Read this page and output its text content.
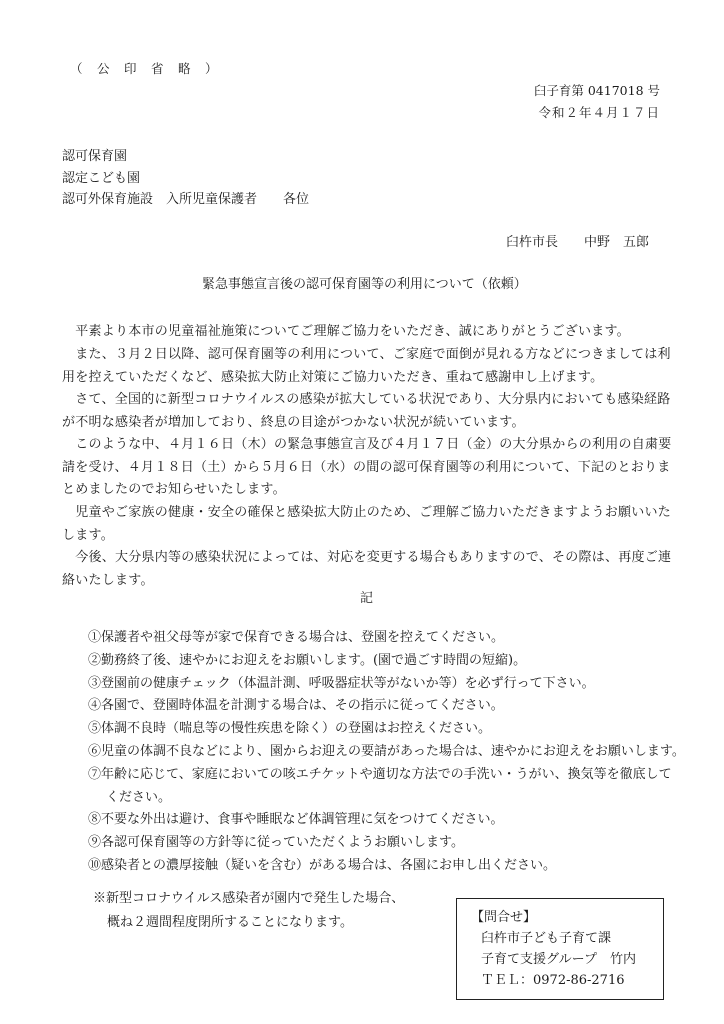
（　公　印　省　略　）
臼子育第 0417018 号
令和２年４月１７日
認可保育園
認定こども園
認可外保育施設　入所児童保護者　　各位
臼杵市長　　中野　五郎
緊急事態宣言後の認可保育園等の利用について（依頼）
　平素より本市の児童福祉施策についてご理解ご協力をいただき、誠にありがとうございます。
　また、３月２日以降、認可保育園等の利用について、ご家庭で面倒が見れる方などにつきましては利用を控えていただくなど、感染拡大防止対策にご協力いただき、重ねて感謝申し上げます。
　さて、全国的に新型コロナウイルスの感染が拡大している状況であり、大分県内においても感染経路が不明な感染者が増加しており、終息の目途がつかない状況が続いています。
　このような中、４月１６日（木）の緊急事態宣言及び４月１７日（金）の大分県からの利用の自粛要請を受け、４月１８日（土）から５月６日（水）の間の認可保育園等の利用について、下記のとおりまとめましたのでお知らせいたします。
　児童やご家族の健康・安全の確保と感染拡大防止のため、ご理解ご協力いただきますようお願いいたします。
　今後、大分県内等の感染状況によっては、対応を変更する場合もありますので、その際は、再度ご連絡いたします。
記
①保護者や祖父母等が家で保育できる場合は、登園を控えてください。
②勤務終了後、速やかにお迎えをお願いします。(園で過ごす時間の短縮)。
③登園前の健康チェック（体温計測、呼吸器症状等がないか等）を必ず行って下さい。
④各園で、登園時体温を計測する場合は、その指示に従ってください。
⑤体調不良時（喘息等の慢性疾患を除く）の登園はお控えください。
⑥児童の体調不良などにより、園からお迎えの要請があった場合は、速やかにお迎えをお願いします。
⑦年齢に応じて、家庭においての咳エチケットや適切な方法での手洗い・うがい、換気等を徹底して
ください。
⑧不要な外出は避け、食事や睡眠など体調管理に気をつけてください。
⑨各認可保育園等の方針等に従っていただくようお願いします。
⑩感染者との濃厚接触（疑いを含む）がある場合は、各園にお申し出ください。
※新型コロナウイルス感染者が園内で発生した場合、
概ね２週間程度閉所することになります。	【問合せ】
臼杵市子ども子育て課
子育て支援グループ　竹内
ＴＥＬ：0972-86-2716
